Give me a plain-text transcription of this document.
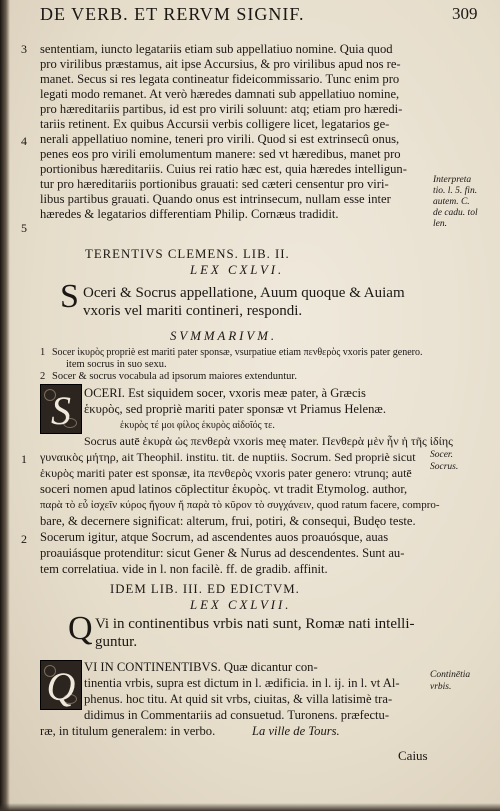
DE VERB. ET RERVM SIGNIF.	309
3
4
5
sententiam, iuncto legatariis etiam sub appellatiuo nomine. Quia quod
pro virilibus præstamus, ait ipse Accursius, & pro virilibus apud nos re-
manet. Secus si res legata contineatur fideicommissario. Tunc enim pro
legati modo remanet. At verò hæredes damnati sub appellatiuo nomine,
pro hæreditariis partibus, id est pro virili soluunt: atq; etiam pro hæredi-
tariis retinent. Ex quibus Accursii verbis colligere licet, legatarios ge-
nerali appellatiuo nomine, teneri pro virili. Quod si est extrinsecû onus,
penes eos pro virili emolumentum manere: sed vt hæredibus, manet pro
portionibus hæreditariis. Cuius rei ratio hæc est, quia hæredes intelligun-
tur pro hæreditariis portionibus grauati: sed cæteri censentur pro viri-
libus partibus grauati. Quando onus est intrinsecum, nullam esse inter
hæredes & legatarios differentiam Philip. Cornæus tradidit.
Interpreta
tio. l. 5. fin.
autem. C.
de cadu. tol
len.
TERENTIVS CLEMENS. LIB. II.
LEX CXLVI.
S Oceri & Socrus appellatione, Auum quoque & Auiam
vxoris vel mariti contineri, respondi.
SVMMARIVM.
1 Socer ἰκυρὸς propriè est mariti pater sponsæ, vsurpatiue etiam πενθερὸς vxoris pater genero.
item socrus in suo sexu.
2 Socer & socrus vocabula ad ipsorum maiores extenduntur.
S	OCERI. Est siquidem socer, vxoris meæ pater, à Græcis
ἑκυρὸς, sed propriè mariti pater sponsæ vt Priamus Helenæ.
ἑκυρὸς τέ μοι φίλος ἑκυρὸς αἰδοῖός τε.
Socrus autē ἑκυρὰ ὡς πενθερὰ vxoris meę mater. Πενθερὰ μὲν ἦν ἡ τῆς ἰδίης
γυναικὸς μήτηρ, ait Theophil. institu. tit. de nuptiis. Socrum. Sed propriè sicut
ἑκυρὸς mariti pater est sponsæ, ita πενθερὸς vxoris pater genero: vtrunq; autē
soceri nomen apud latinos cōplectitur ἑκυρὸς. vt tradit Etymolog. author,
παρὰ τὸ εὖ ἰσχεῖν κύρος ἤγουν ἤ παρὰ τὸ κῦρον τὸ συγχάνειν, quod ratum facere, compro-
bare, & decernere significat: alterum, frui, potiri, & consequi, Budęo teste.
Socerum igitur, atque Socrum, ad ascendentes auos proauósque, auas
proauiásque protenditur: sicut Gener & Nurus ad descendentes. Sunt au-
tem correlatiua. vide in l. non facilè. ff. de gradib. affinit.
1
2
Socer.
Socrus.
IDEM LIB. III. ED EDICTVM.
LEX CXLVII.
Q Vi in continentibus vrbis nati sunt, Romæ nati intelli-
guntur.
Q VI IN CONTINENTIBVS. Quæ dicantur con-
tinentia vrbis, supra est dictum in l. ædificia. in l. ij. in l. vt Al-
phenus. hoc titu. At quid sit vrbs, ciuitas, & villa latisimè tra-
didimus in Commentariis ad consuetud. Turonens. præfectu-
ræ, in titulum generalem: in verbo.	La ville de Tours.
Continētia
vrbis.
Caius
